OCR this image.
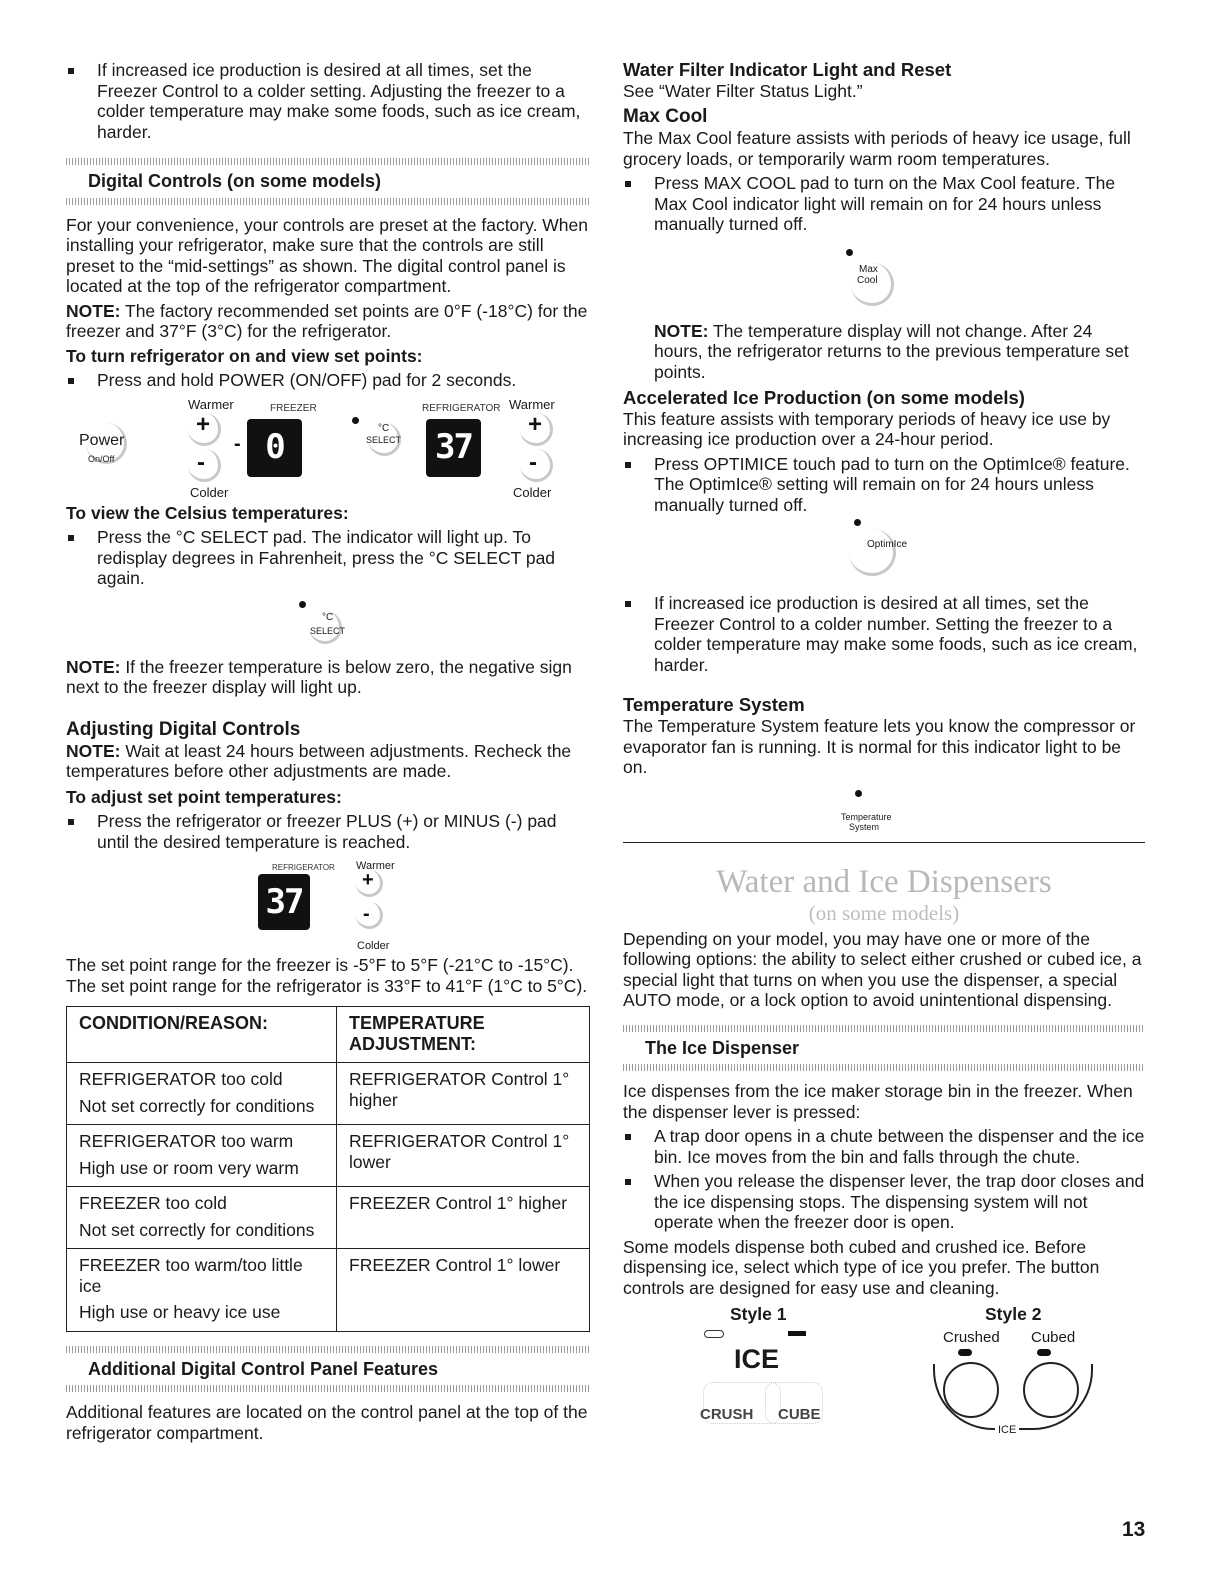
If increased ice production is desired at all times, set the Freezer Control to a colder setting. Adjusting the freezer to a colder temperature may make some foods, such as ice cream, harder.

Digital Controls (on some models)

For your convenience, your controls are preset at the factory. When installing your refrigerator, make sure that the controls are still preset to the “mid-settings” as shown. The digital control panel is located at the top of the refrigerator compartment.

NOTE: The factory recommended set points are 0°F (-18°C) for the freezer and 37°F (3°C) for the refrigerator.

To turn refrigerator on and view set points:

Press and hold POWER (ON/OFF) pad for 2 seconds.

Warmer	FREEZER	REFRIGERATOR Warmer
Power
On/Off
+
-
- 0	°C
SELECT 37
+
-
Colder	Colder

To view the Celsius temperatures:

Press the °C SELECT pad. The indicator will light up. To redisplay degrees in Fahrenheit, press the °C SELECT pad again.

°C
SELECT

NOTE: If the freezer temperature is below zero, the negative sign next to the freezer display will light up.

Adjusting Digital Controls

NOTE: Wait at least 24 hours between adjustments. Recheck the temperatures before other adjustments are made.

To adjust set point temperatures:

Press the refrigerator or freezer PLUS (+) or MINUS (-) pad until the desired temperature is reached.

REFRIGERATOR Warmer
37
+
-
Colder

The set point range for the freezer is -5°F to 5°F (-21°C to -15°C). The set point range for the refrigerator is 33°F to 41°F (1°C to 5°C).

CONDITION/REASON:	TEMPERATURE ADJUSTMENT:

REFRIGERATOR too cold
Not set correctly for conditions	REFRIGERATOR Control 1° higher

REFRIGERATOR too warm
High use or room very warm	REFRIGERATOR Control 1° lower

FREEZER too cold
Not set correctly for conditions	FREEZER Control 1° higher

FREEZER too warm/too little ice
High use or heavy ice use	FREEZER Control 1° lower
Additional Digital Control Panel Features

Additional features are located on the control panel at the top of the refrigerator compartment.

Water Filter Indicator Light and Reset

See “Water Filter Status Light.”

Max Cool

The Max Cool feature assists with periods of heavy ice usage, full grocery loads, or temporarily warm room temperatures.

Press MAX COOL pad to turn on the Max Cool feature. The Max Cool indicator light will remain on for 24 hours unless manually turned off.

Max
Cool

NOTE: The temperature display will not change. After 24 hours, the refrigerator returns to the previous temperature set points.

Accelerated Ice Production (on some models)

This feature assists with temporary periods of heavy ice use by increasing ice production over a 24-hour period.

Press OPTIMICE touch pad to turn on the OptimIce® feature. The OptimIce® setting will remain on for 24 hours unless manually turned off.

OptimIce

If increased ice production is desired at all times, set the Freezer Control to a colder number. Setting the freezer to a colder temperature may make some foods, such as ice cream, harder.

Temperature System

The Temperature System feature lets you know the compressor or evaporator fan is running. It is normal for this indicator light to be on.

Temperature
System

Water and Ice Dispensers

(on some models)

Depending on your model, you may have one or more of the following options: the ability to select either crushed or cubed ice, a special light that turns on when you use the dispenser, a special AUTO mode, or a lock option to avoid unintentional dispensing.

The Ice Dispenser

Ice dispenses from the ice maker storage bin in the freezer. When the dispenser lever is pressed:

A trap door opens in a chute between the dispenser and the ice bin. Ice moves from the bin and falls through the chute.

When you release the dispenser lever, the trap door closes and the ice dispensing stops. The dispensing system will not operate when the freezer door is open.

Some models dispense both cubed and crushed ice. Before dispensing ice, select which type of ice you prefer. The button controls are designed for easy use and cleaning.

Style 1
ICE
CRUSH CUBE
Style 2
Crushed Cubed
ICE
13
